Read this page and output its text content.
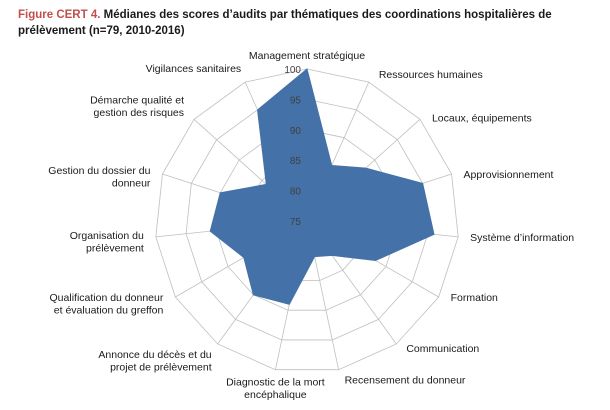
Figure CERT 4. Médianes des scores d’audits par thématiques des coordinations hospitalières de prélèvement (n=79, 2010-2016)
75
80
85
90
95
100
Management stratégique
Ressources humaines
Locaux, équipements
Approvisionnement
Système d’information
Formation
Communication
Recensement du donneur
Diagnostic de la mort encéphalique
Annonce du décès et du projet de prélèvement
Qualification du donneur et évaluation du greffon
Organisation du prélèvement
Gestion du dossier du donneur
Démarche qualité et gestion des risques
Vigilances sanitaires
